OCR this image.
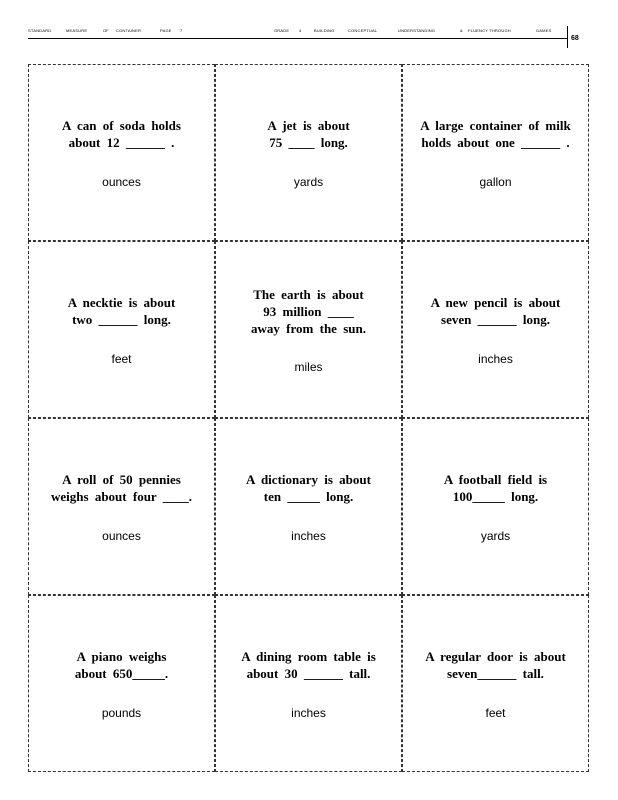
STANDARD	MEASURE	OF CONTAINER	PAGE 7	GRADE 4	BUILDING	CONCEPTUAL	UNDERSTANDING	& FLUENCY THROUGH	GAMES
68
A can of soda holds
about 12 ______ .
ounces
A jet is about
75 ____ long.
yards
A large container of milk
holds about one ______ .
gallon
A necktie is about
two ______ long.
feet
The earth is about
93 million ____
away from the sun.
miles
A new pencil is about
seven ______ long.
inches
A roll of 50 pennies
weighs about four ____.
ounces
A dictionary is about
ten _____ long.
inches
A football field is
100_____ long.
yards
A piano weighs
about 650_____.
pounds
A dining room table is
about 30 ______ tall.
inches
A regular door is about
seven______ tall.
feet
